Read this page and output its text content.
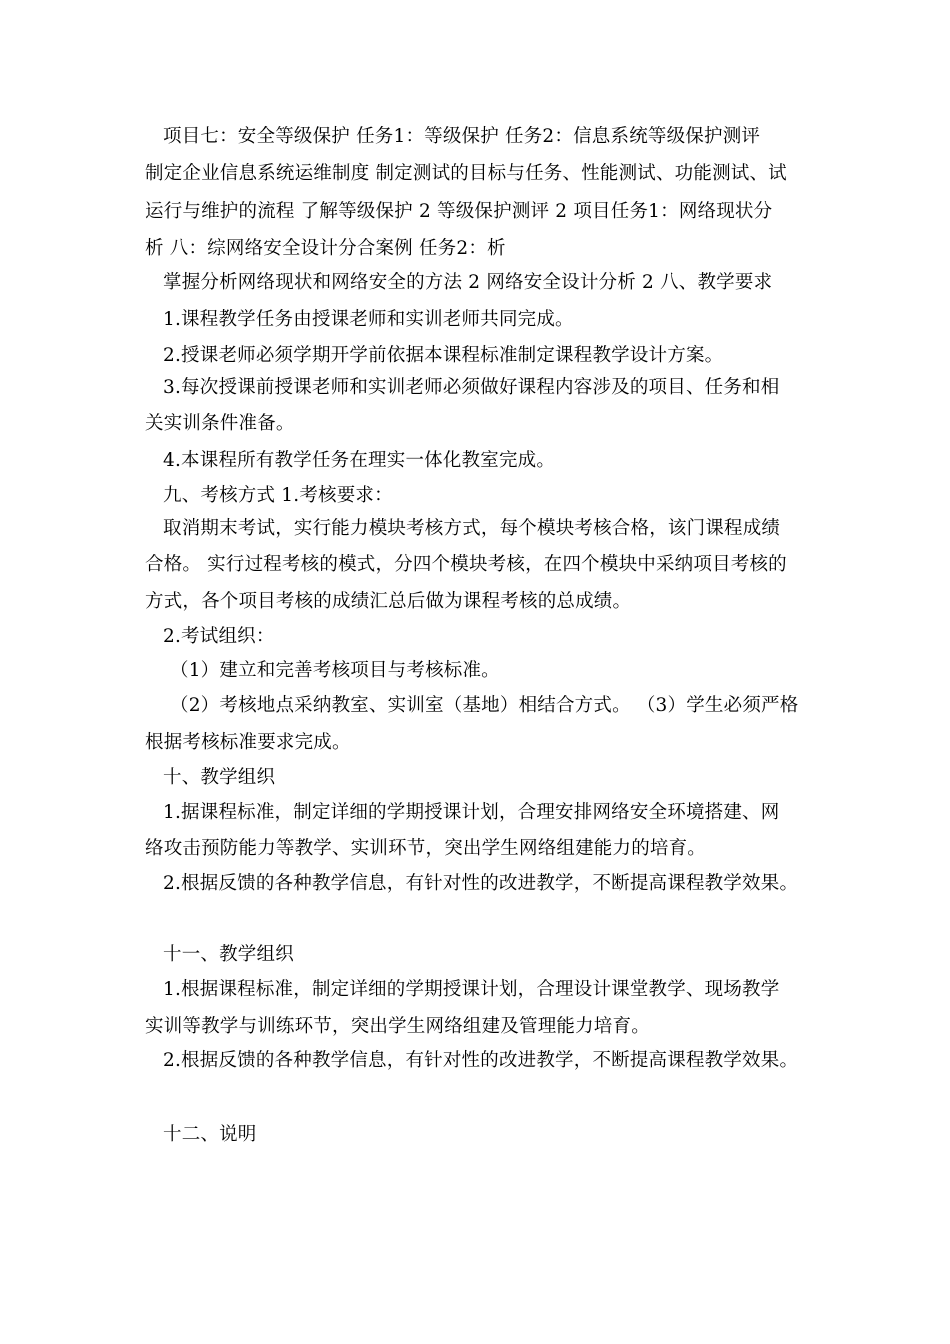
项目七：安全等级保护 任务1：等级保护 任务2：信息系统等级保护测评
制定企业信息系统运维制度 制定测试的目标与任务、性能测试、功能测试、试
运行与维护的流程 了解等级保护 2 等级保护测评 2 项目任务1：网络现状分
析 八：综网络安全设计分合案例 任务2：析
掌握分析网络现状和网络安全的方法 2 网络安全设计分析 2 八、教学要求
1.课程教学任务由授课老师和实训老师共同完成。
2.授课老师必须学期开学前依据本课程标准制定课程教学设计方案。
3.每次授课前授课老师和实训老师必须做好课程内容涉及的项目、任务和相
关实训条件准备。
4.本课程所有教学任务在理实一体化教室完成。
九、考核方式 1.考核要求：
取消期末考试，实行能力模块考核方式，每个模块考核合格，该门课程成绩
合格。 实行过程考核的模式，分四个模块考核，在四个模块中采纳项目考核的
方式，各个项目考核的成绩汇总后做为课程考核的总成绩。
2.考试组织：
（1）建立和完善考核项目与考核标准。
（2）考核地点采纳教室、实训室（基地）相结合方式。 （3）学生必须严格
根据考核标准要求完成。
十、教学组织
1.据课程标准，制定详细的学期授课计划，合理安排网络安全环境搭建、网
络攻击预防能力等教学、实训环节，突出学生网络组建能力的培育。
2.根据反馈的各种教学信息，有针对性的改进教学，不断提高课程教学效果。
十一、教学组织
1.根据课程标准，制定详细的学期授课计划，合理设计课堂教学、现场教学
实训等教学与训练环节，突出学生网络组建及管理能力培育。
2.根据反馈的各种教学信息，有针对性的改进教学，不断提高课程教学效果。
十二、说明
